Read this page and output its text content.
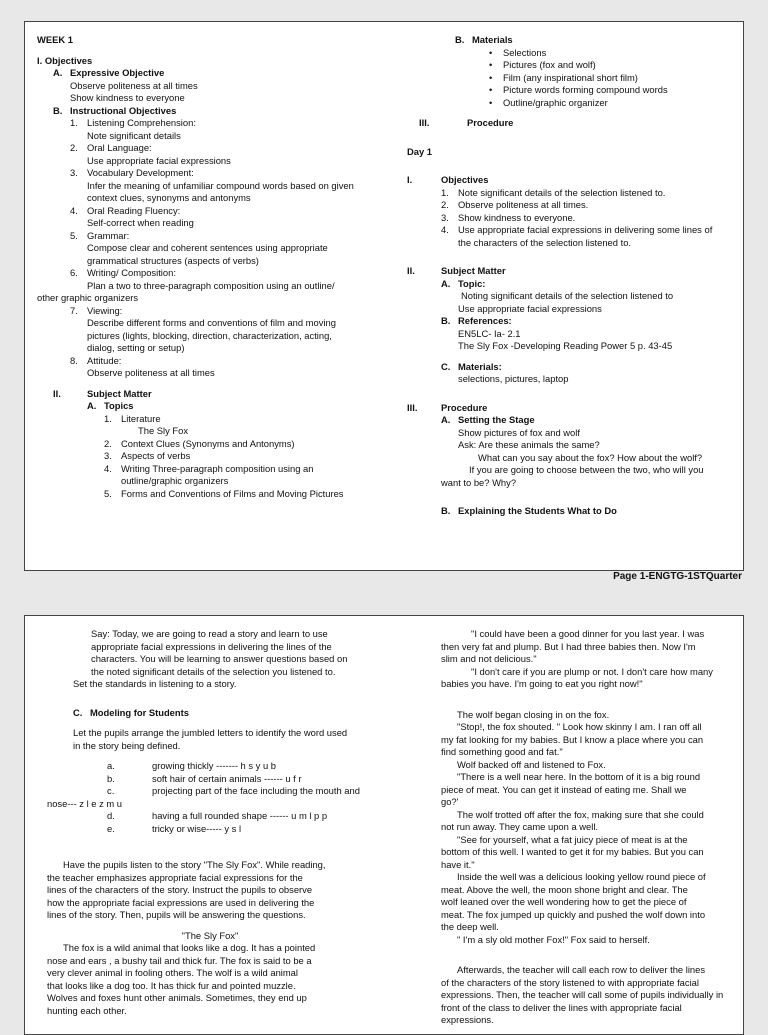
WEEK 1
I. Objectives
A. Expressive Objective
Observe politeness at all times
Show kindness to everyone
B. Instructional Objectives
1. Listening Comprehension:
Note significant details
2. Oral Language:
Use appropriate facial expressions
3. Vocabulary Development:
Infer the meaning of unfamiliar compound words based on given
context clues, synonyms and antonyms
4. Oral Reading Fluency:
Self-correct when reading
5. Grammar:
Compose clear and coherent sentences using appropriate
grammatical structures (aspects of verbs)
6. Writing/ Composition:
Plan a two to three-paragraph composition using an outline/
other graphic organizers
7. Viewing:
Describe different forms and conventions of film and moving
pictures (lights, blocking, direction, characterization, acting,
dialog, setting or setup)
8. Attitude:
Observe politeness at all times
II.	Subject Matter
A. Topics
1. Literature
The Sly Fox
2. Context Clues (Synonyms and Antonyms)
3. Aspects of verbs
4. Writing Three-paragraph composition using an
outline/graphic organizers
5. Forms and Conventions of Films and Moving Pictures
B. Materials
• Selections
• Pictures (fox and wolf)
• Film (any inspirational short film)
• Picture words forming compound words
• Outline/graphic organizer
III.	Procedure
Day 1
I.	Objectives
1. Note significant details of the selection listened to.
2. Observe politeness at all times.
3. Show kindness to everyone.
4. Use appropriate facial expressions in delivering some lines of
the characters of the selection listened to.
II.	Subject Matter
A. Topic:
Noting significant details of the selection listened to
Use appropriate facial expressions
B. References:
EN5LC- Ia- 2.1
The Sly Fox -Developing Reading Power 5 p. 43-45
C. Materials:
selections, pictures, laptop
III.	Procedure
A. Setting the Stage
Show pictures of fox and wolf
Ask: Are these animals the same?
What can you say about the fox? How about the wolf?
If you are going to choose between the two, who will you
want to be? Why?
B. Explaining the Students What to Do
Page 1-ENGTG-1STQuarter
Say: Today, we are going to read a story and learn to use
appropriate facial expressions in delivering the lines of the
characters. You will be learning to answer questions based on
the noted significant details of the selection you listened to.
Set the standards in listening to a story.
C. Modeling for Students
Let the pupils arrange the jumbled letters to identify the word used
in the story being defined.
a.	growing thickly ------- h s y u b
b.	soft hair of certain animals ------ u f r
c.	projecting part of the face including the mouth and
nose--- z l e z m u
d.	having a full rounded shape ------ u m l p p
e.	tricky or wise----- y s l
Have the pupils listen to the story "The Sly Fox". While reading,
the teacher emphasizes appropriate facial expressions for the
lines of the characters of the story. Instruct the pupils to observe
how the appropriate facial expressions are used in delivering the
lines of the story. Then, pupils will be answering the questions.
"The Sly Fox"
The fox is a wild animal that looks like a dog. It has a pointed
nose and ears , a bushy tail and thick fur. The fox is said to be a
very clever animal in fooling others. The wolf is a wild animal
that looks like a dog too. It has thick fur and pointed muzzle.
Wolves and foxes hunt other animals. Sometimes, they end up
hunting each other.
"I could have been a good dinner for you last year. I was
then very fat and plump. But I had three babies then. Now I'm
slim and not delicious."
"I don't care if you are plump or not. I don't care how many
babies you have. I'm going to eat you right now!"
The wolf began closing in on the fox.
"Stop!, the fox shouted. " Look how skinny I am. I ran off all
my fat looking for my babies. But I know a place where you can
find something good and fat."
Wolf backed off and listened to Fox.
"There is a well near here. In the bottom of it is a big round
piece of meat. You can get it instead of eating me. Shall we
go?'
The wolf trotted off after the fox, making sure that she could
not run away. They came upon a well.
"See for yourself, what a fat juicy piece of meat is at the
bottom of this well. I wanted to get it for my babies. But you can
have it."
Inside the well was a delicious looking yellow round piece of
meat. Above the well, the moon shone bright and clear. The
wolf leaned over the well wondering how to get the piece of
meat. The fox jumped up quickly and pushed the wolf down into
the deep well.
" I'm a sly old mother Fox!" Fox said to herself.
Afterwards, the teacher will call each row to deliver the lines
of the characters of the story listened to with appropriate facial
expressions. Then, the teacher will call some of pupils individually in
front of the class to deliver the lines with appropriate facial
expressions.
